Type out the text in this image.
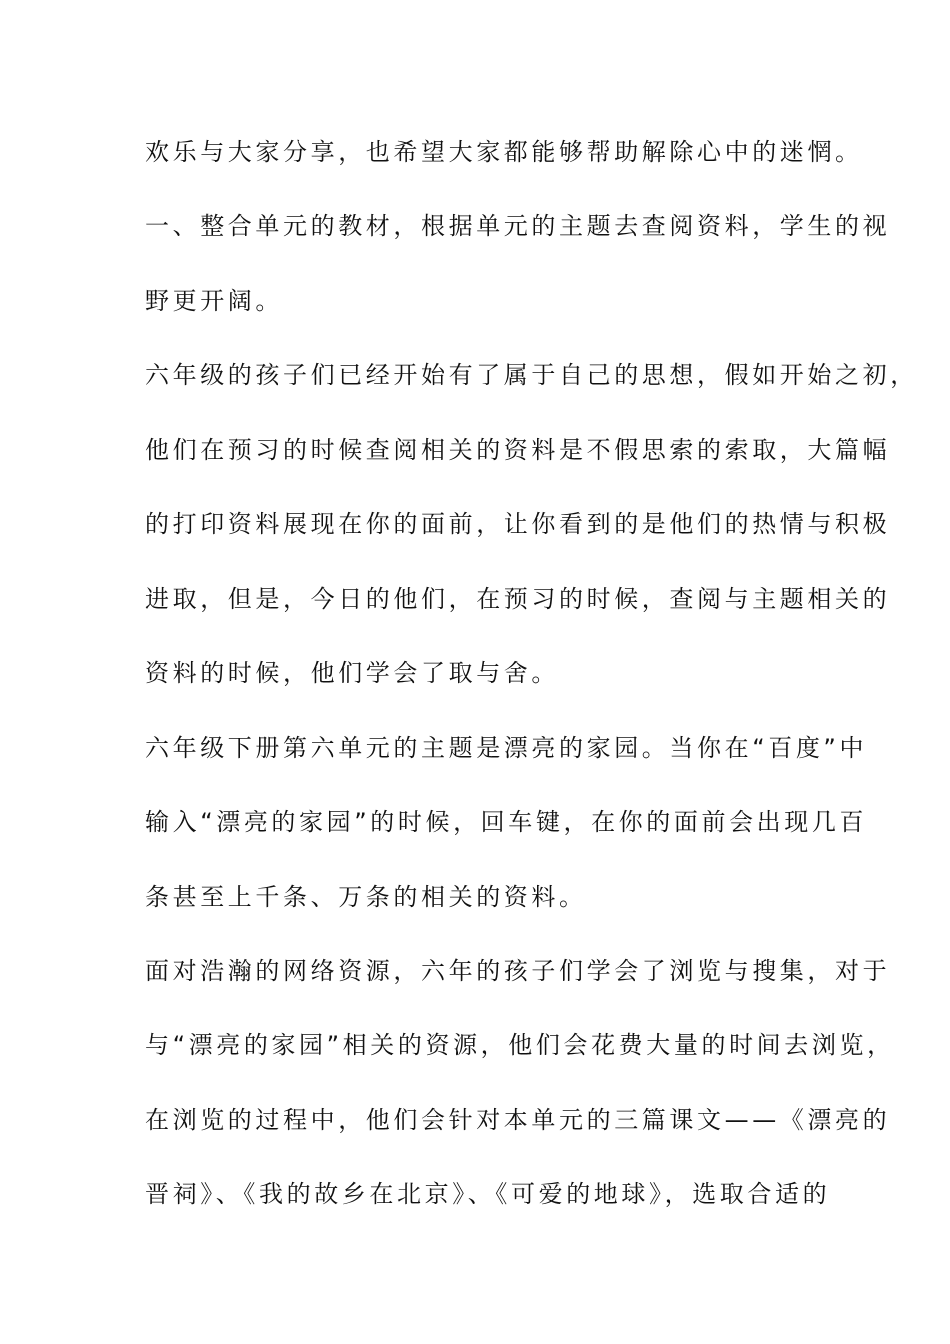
欢乐与大家分享，也希望大家都能够帮助解除心中的迷惘。
一、整合单元的教材，根据单元的主题去查阅资料，学生的视
野更开阔。
六年级的孩子们已经开始有了属于自己的思想，假如开始之初，
他们在预习的时候查阅相关的资料是不假思索的索取，大篇幅
的打印资料展现在你的面前，让你看到的是他们的热情与积极
进取，但是，今日的他们，在预习的时候，查阅与主题相关的
资料的时候，他们学会了取与舍。
六年级下册第六单元的主题是漂亮的家园。当你在“百度”中
输入“漂亮的家园”的时候，回车键，在你的面前会出现几百
条甚至上千条、万条的相关的资料。
面对浩瀚的网络资源，六年的孩子们学会了浏览与搜集，对于
与“漂亮的家园”相关的资源，他们会花费大量的时间去浏览，
在浏览的过程中，他们会针对本单元的三篇课文——《漂亮的
晋祠》、《我的故乡在北京》、《可爱的地球》，选取合适的
